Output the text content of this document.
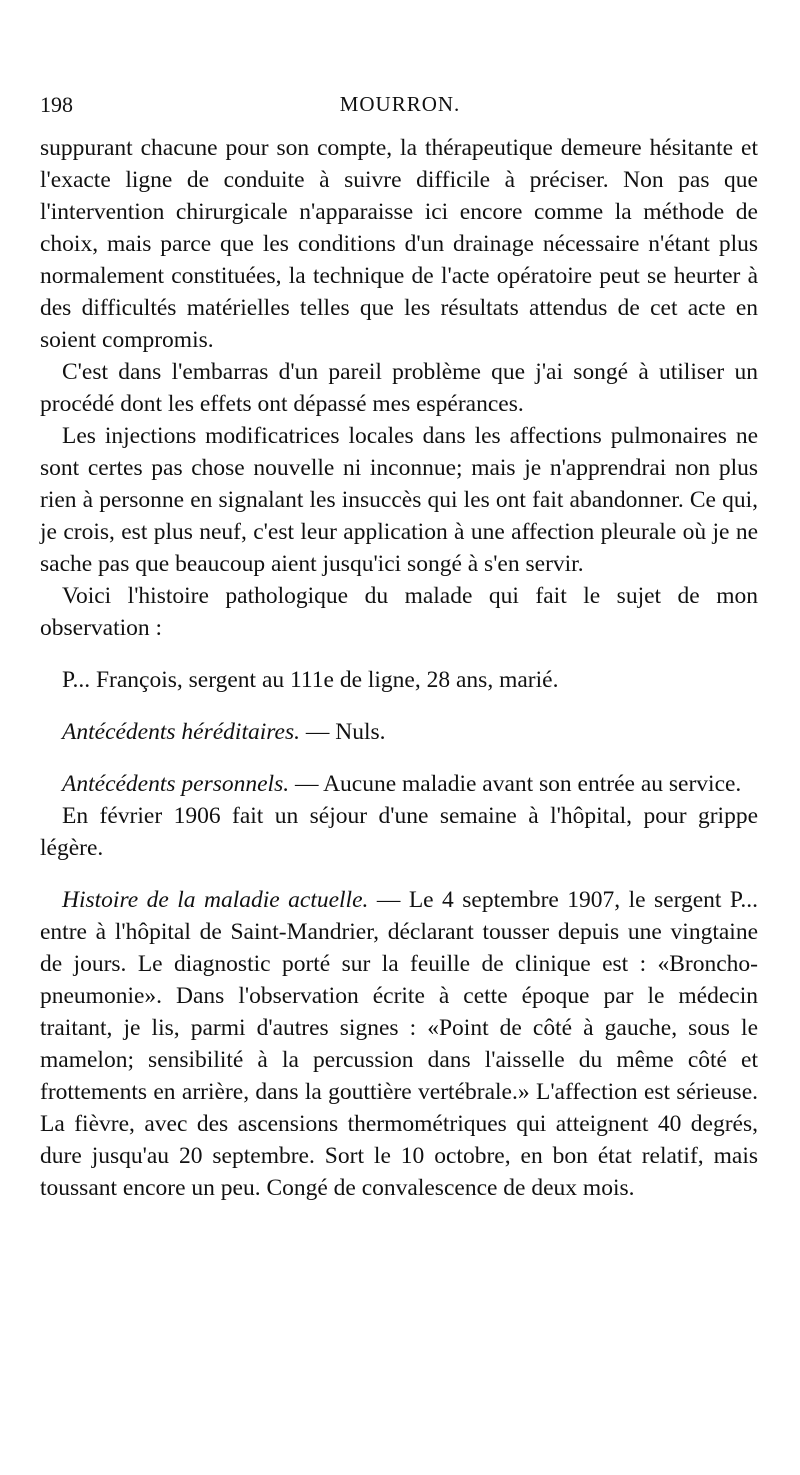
198	MOURRON.

suppurant chacune pour son compte, la thérapeutique demeure hésitante et l'exacte ligne de conduite à suivre difficile à préciser. Non pas que l'intervention chirurgicale n'apparaisse ici encore comme la méthode de choix, mais parce que les conditions d'un drainage nécessaire n'étant plus normalement constituées, la technique de l'acte opératoire peut se heurter à des difficultés matérielles telles que les résultats attendus de cet acte en soient compromis.

C'est dans l'embarras d'un pareil problème que j'ai songé à utiliser un procédé dont les effets ont dépassé mes espérances.

Les injections modificatrices locales dans les affections pulmonaires ne sont certes pas chose nouvelle ni inconnue; mais je n'apprendrai non plus rien à personne en signalant les insuccès qui les ont fait abandonner. Ce qui, je crois, est plus neuf, c'est leur application à une affection pleurale où je ne sache pas que beaucoup aient jusqu'ici songé à s'en servir.

Voici l'histoire pathologique du malade qui fait le sujet de mon observation :

P... François, sergent au 111e de ligne, 28 ans, marié.

Antécédents héréditaires. — Nuls.

Antécédents personnels. — Aucune maladie avant son entrée au service.

En février 1906 fait un séjour d'une semaine à l'hôpital, pour grippe légère.

Histoire de la maladie actuelle. — Le 4 septembre 1907, le sergent P... entre à l'hôpital de Saint-Mandrier, déclarant tousser depuis une vingtaine de jours. Le diagnostic porté sur la feuille de clinique est : «Broncho-pneumonie». Dans l'observation écrite à cette époque par le médecin traitant, je lis, parmi d'autres signes : «Point de côté à gauche, sous le mamelon; sensibilité à la percussion dans l'aisselle du même côté et frottements en arrière, dans la gouttière vertébrale.» L'affection est sérieuse. La fièvre, avec des ascensions thermométriques qui atteignent 40 degrés, dure jusqu'au 20 septembre. Sort le 10 octobre, en bon état relatif, mais toussant encore un peu. Congé de convalescence de deux mois.
